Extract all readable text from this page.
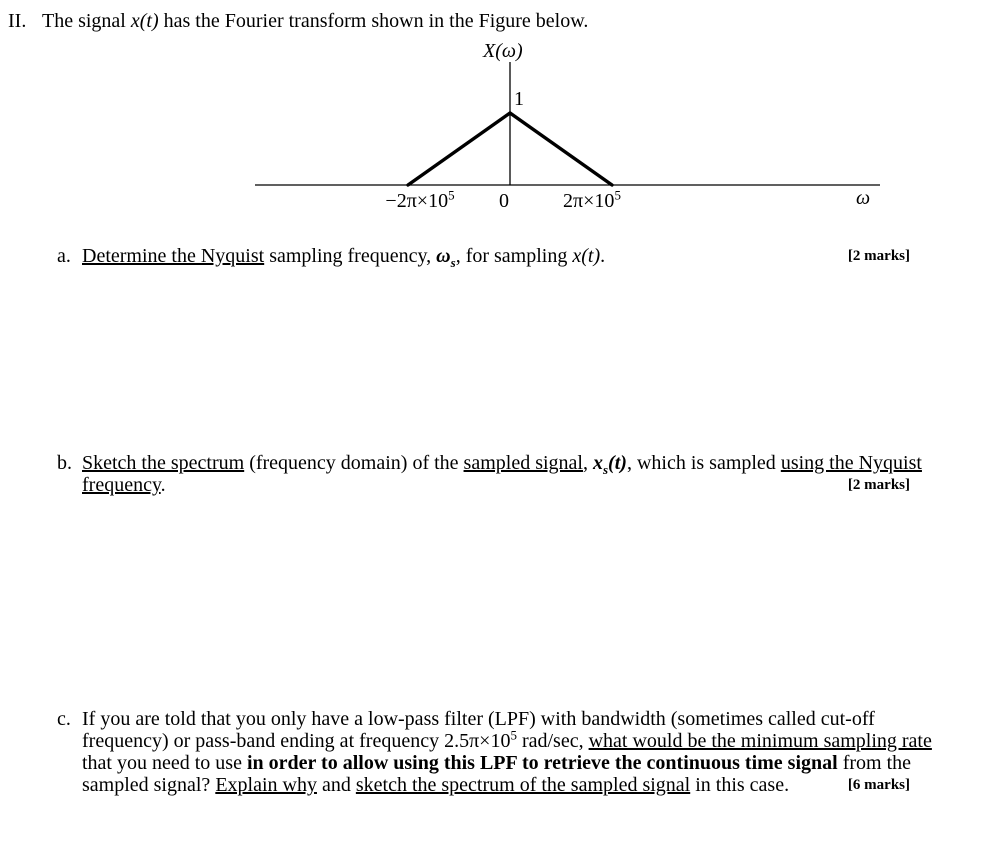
II. The signal x(t) has the Fourier transform shown in the Figure below.
X(ω)
1
$-2\pi\times 10^5$ 0	$2\pi\times 10^5$	ω
a. Determine the Nyquist sampling frequency, $\omega_s$, for sampling x(t).	[2 marks]
b. Sketch the spectrum (frequency domain) of the sampled signal, $x_s(t)$, which is sampled using the Nyquist frequency.	[2 marks]
c. If you are told that you only have a low-pass filter (LPF) with bandwidth (sometimes called cut-off frequency) or pass-band ending at frequency $2.5\pi\times 10^5$ rad/sec, what would be the minimum sampling rate that you need to use in order to allow using this LPF to retrieve the continuous time signal from the sampled signal? Explain why and sketch the spectrum of the sampled signal in this case.	[6 marks]
